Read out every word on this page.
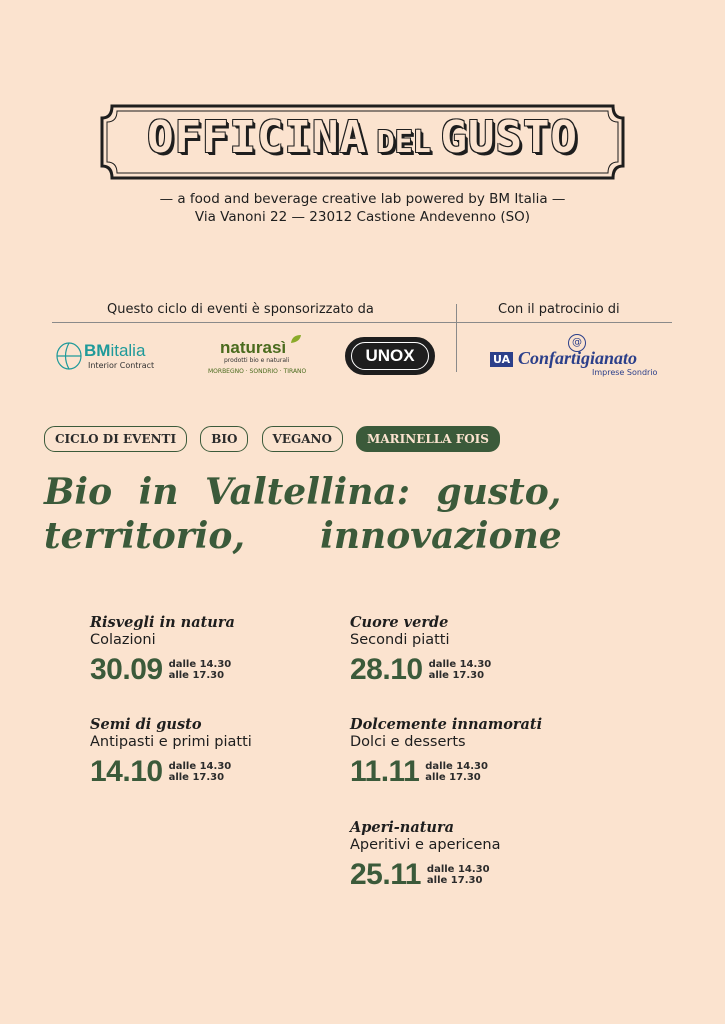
OFFICINA DEL GUSTO
— a food and beverage creative lab powered by BM Italia —
Via Vanoni 22 — 23012 Castione Andevenno (SO)
Questo ciclo di eventi è sponsorizzato da	Con il patrocinio di
BMitalia
Interior Contract
naturasì
prodotti bio e naturali
MORBEGNO · SONDRIO · TIRANO
UNOX
@
UA Confartigianato
Imprese Sondrio
CICLO DI EVENTI	BIO	VEGANO	MARINELLA FOIS
Bio in Valtellina: gusto,
territorio,      innovazione
Risvegli in natura
Colazioni
30.09 dalle 14.30
alle 17.30
Cuore verde
Secondi piatti
28.10 dalle 14.30
alle 17.30
Semi di gusto
Antipasti e primi piatti
14.10 dalle 14.30
alle 17.30
Dolcemente innamorati
Dolci e desserts
11.11 dalle 14.30
alle 17.30
Aperi-natura
Aperitivi e apericena
25.11 dalle 14.30
alle 17.30
